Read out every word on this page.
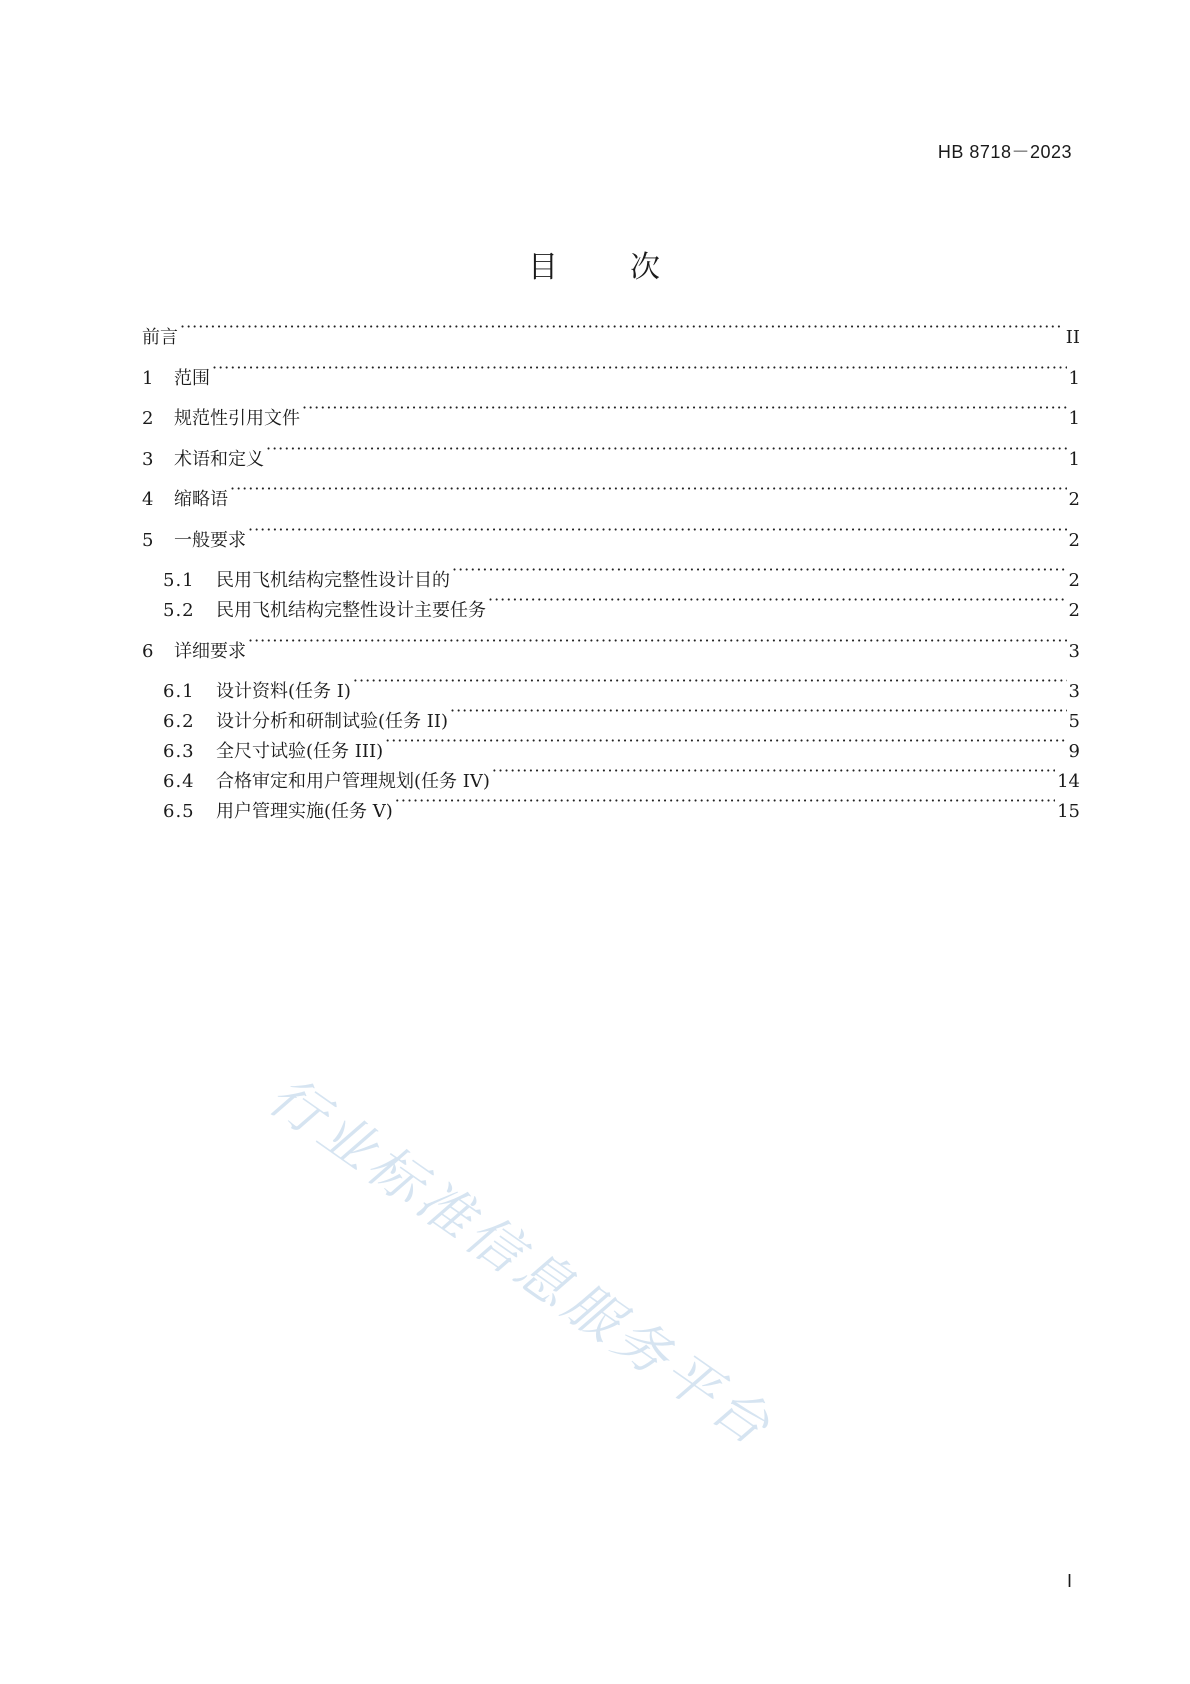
HB 8718－2023
目 次
前言 ·····	II
1	范围 ·····	1
2	规范性引用文件 ·····	1
3	术语和定义 ·····	1
4	缩略语 ·····	2
5	一般要求 ·····	2
5.1	民用飞机结构完整性设计目的 ·····	2
5.2	民用飞机结构完整性设计主要任务 ·····	2
6	详细要求 ·····	3
6.1	设计资料(任务 I) ·····	3
6.2	设计分析和研制试验(任务 II) ·····	5
6.3	全尺寸试验(任务 III) ·····	9
6.4	合格审定和用户管理规划(任务 IV) ·····	14
6.5	用户管理实施(任务 V) ·····	15
行业标准信息服务平台
I
